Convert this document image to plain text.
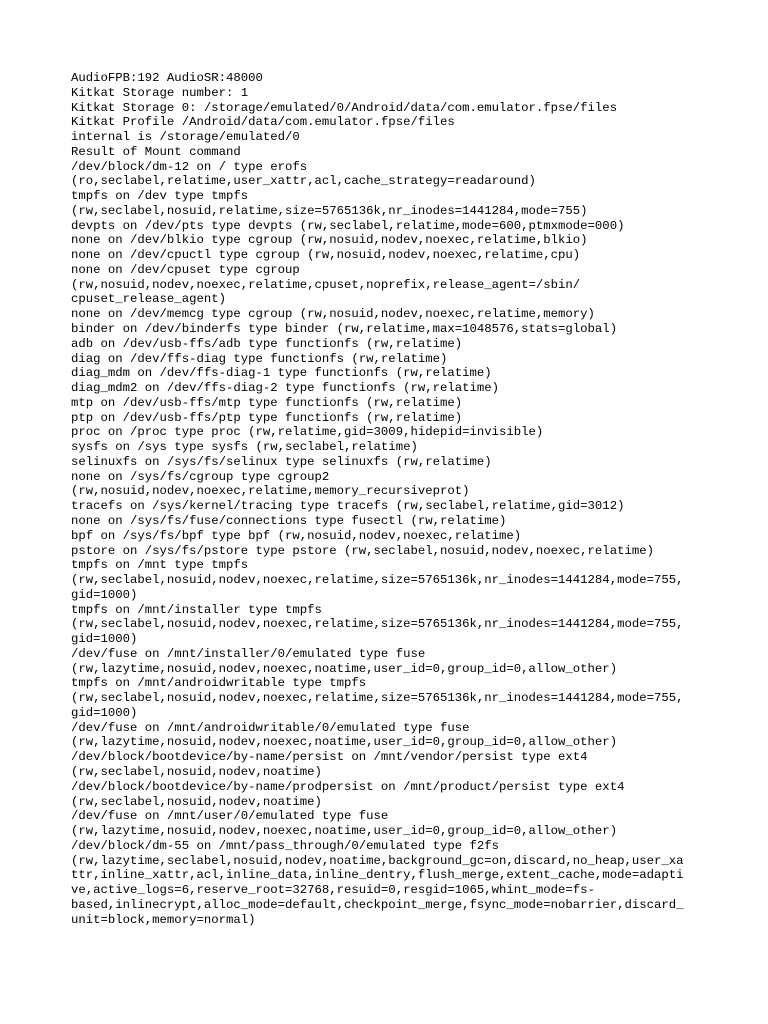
AudioFPB:192 AudioSR:48000
Kitkat Storage number: 1
Kitkat Storage 0: /storage/emulated/0/Android/data/com.emulator.fpse/files
Kitkat Profile /Android/data/com.emulator.fpse/files
internal is /storage/emulated/0
Result of Mount command
/dev/block/dm-12 on / type erofs
(ro,seclabel,relatime,user_xattr,acl,cache_strategy=readaround)
tmpfs on /dev type tmpfs
(rw,seclabel,nosuid,relatime,size=5765136k,nr_inodes=1441284,mode=755)
devpts on /dev/pts type devpts (rw,seclabel,relatime,mode=600,ptmxmode=000)
none on /dev/blkio type cgroup (rw,nosuid,nodev,noexec,relatime,blkio)
none on /dev/cpuctl type cgroup (rw,nosuid,nodev,noexec,relatime,cpu)
none on /dev/cpuset type cgroup
(rw,nosuid,nodev,noexec,relatime,cpuset,noprefix,release_agent=/sbin/
cpuset_release_agent)
none on /dev/memcg type cgroup (rw,nosuid,nodev,noexec,relatime,memory)
binder on /dev/binderfs type binder (rw,relatime,max=1048576,stats=global)
adb on /dev/usb-ffs/adb type functionfs (rw,relatime)
diag on /dev/ffs-diag type functionfs (rw,relatime)
diag_mdm on /dev/ffs-diag-1 type functionfs (rw,relatime)
diag_mdm2 on /dev/ffs-diag-2 type functionfs (rw,relatime)
mtp on /dev/usb-ffs/mtp type functionfs (rw,relatime)
ptp on /dev/usb-ffs/ptp type functionfs (rw,relatime)
proc on /proc type proc (rw,relatime,gid=3009,hidepid=invisible)
sysfs on /sys type sysfs (rw,seclabel,relatime)
selinuxfs on /sys/fs/selinux type selinuxfs (rw,relatime)
none on /sys/fs/cgroup type cgroup2
(rw,nosuid,nodev,noexec,relatime,memory_recursiveprot)
tracefs on /sys/kernel/tracing type tracefs (rw,seclabel,relatime,gid=3012)
none on /sys/fs/fuse/connections type fusectl (rw,relatime)
bpf on /sys/fs/bpf type bpf (rw,nosuid,nodev,noexec,relatime)
pstore on /sys/fs/pstore type pstore (rw,seclabel,nosuid,nodev,noexec,relatime)
tmpfs on /mnt type tmpfs
(rw,seclabel,nosuid,nodev,noexec,relatime,size=5765136k,nr_inodes=1441284,mode=755,
gid=1000)
tmpfs on /mnt/installer type tmpfs
(rw,seclabel,nosuid,nodev,noexec,relatime,size=5765136k,nr_inodes=1441284,mode=755,
gid=1000)
/dev/fuse on /mnt/installer/0/emulated type fuse
(rw,lazytime,nosuid,nodev,noexec,noatime,user_id=0,group_id=0,allow_other)
tmpfs on /mnt/androidwritable type tmpfs
(rw,seclabel,nosuid,nodev,noexec,relatime,size=5765136k,nr_inodes=1441284,mode=755,
gid=1000)
/dev/fuse on /mnt/androidwritable/0/emulated type fuse
(rw,lazytime,nosuid,nodev,noexec,noatime,user_id=0,group_id=0,allow_other)
/dev/block/bootdevice/by-name/persist on /mnt/vendor/persist type ext4
(rw,seclabel,nosuid,nodev,noatime)
/dev/block/bootdevice/by-name/prodpersist on /mnt/product/persist type ext4
(rw,seclabel,nosuid,nodev,noatime)
/dev/fuse on /mnt/user/0/emulated type fuse
(rw,lazytime,nosuid,nodev,noexec,noatime,user_id=0,group_id=0,allow_other)
/dev/block/dm-55 on /mnt/pass_through/0/emulated type f2fs
(rw,lazytime,seclabel,nosuid,nodev,noatime,background_gc=on,discard,no_heap,user_xa
ttr,inline_xattr,acl,inline_data,inline_dentry,flush_merge,extent_cache,mode=adapti
ve,active_logs=6,reserve_root=32768,resuid=0,resgid=1065,whint_mode=fs-
based,inlinecrypt,alloc_mode=default,checkpoint_merge,fsync_mode=nobarrier,discard_
unit=block,memory=normal)
